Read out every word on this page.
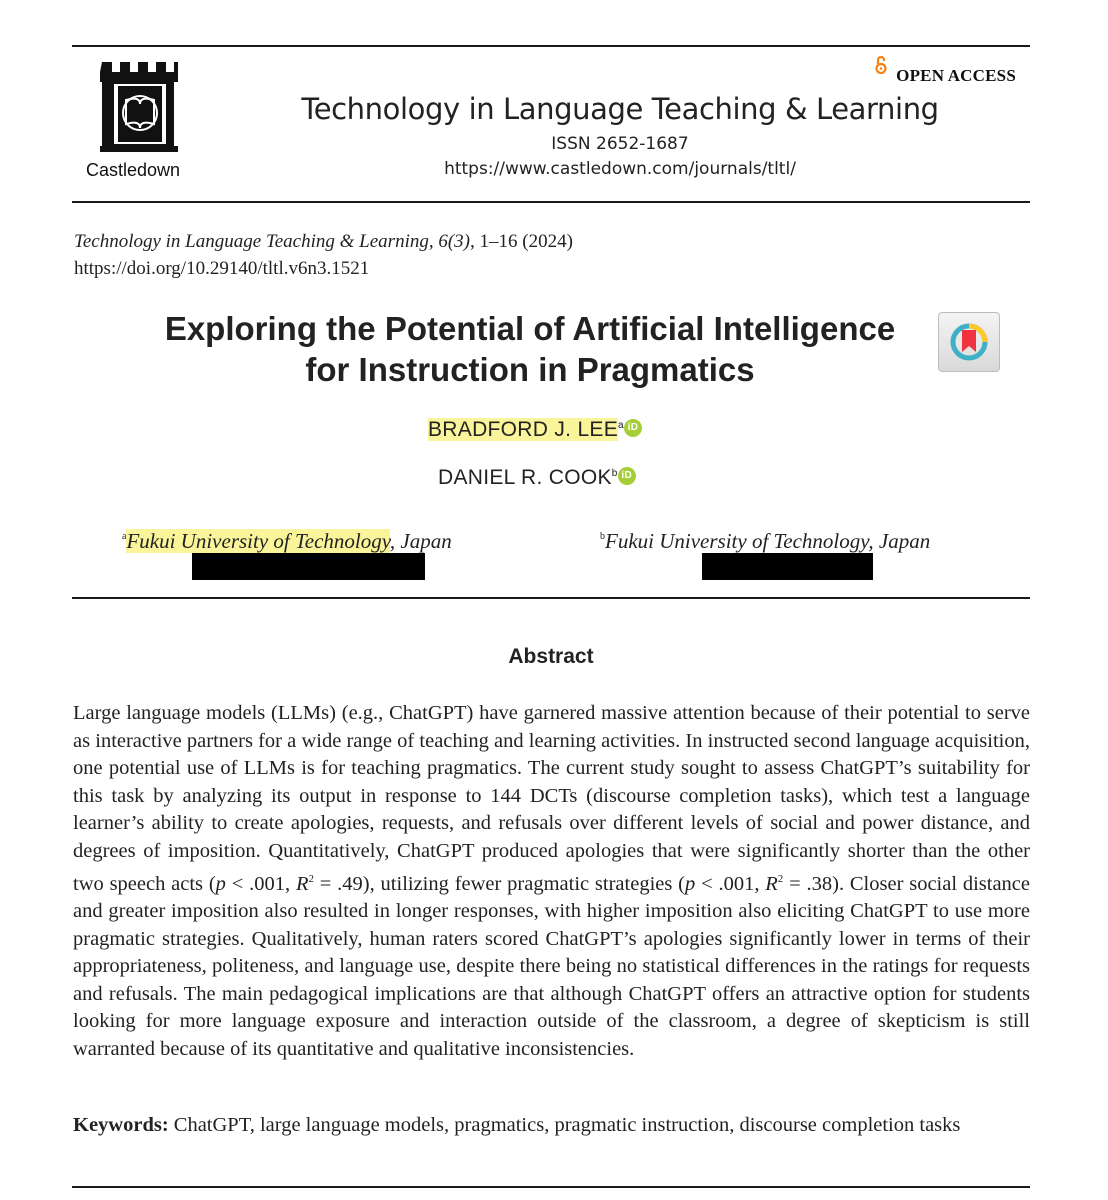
Castledown
OPEN ACCESS
Technology in Language Teaching & Learning
ISSN 2652-1687
https://www.castledown.com/journals/tltl/
Technology in Language Teaching & Learning, 6(3), 1–16 (2024)
https://doi.org/10.29140/tltl.v6n3.1521
Exploring the Potential of Artificial Intelligence
for Instruction in Pragmatics
BRADFORD J. LEE$^a$ iD
DANIEL R. COOK$^b$ iD
$^a$Fukui University of Technology, Japan	$^b$Fukui University of Technology, Japan
Abstract

Large language models (LLMs) (e.g., ChatGPT) have garnered massive attention because of their potential to serve as interactive partners for a wide range of teaching and learning activities. In instructed second language acquisition, one potential use of LLMs is for teaching pragmatics. The current study sought to assess ChatGPT’s suitability for this task by analyzing its output in response to 144 DCTs (discourse completion tasks), which test a language learner’s ability to create apologies, requests, and refusals over different levels of social and power distance, and degrees of imposition. Quantitatively, ChatGPT produced apologies that were significantly shorter than the other two speech acts (p < .001, $R^2 = .49$), utilizing fewer pragmatic strategies (p < .001, $R^2 = .38$). Closer social distance and greater imposition also resulted in longer responses, with higher imposition also eliciting ChatGPT to use more pragmatic strategies. Qualitatively, human raters scored ChatGPT’s apologies significantly lower in terms of their appropriateness, politeness, and language use, despite there being no statistical differences in the ratings for requests and refusals. The main pedagogical implications are that although ChatGPT offers an attractive option for students looking for more language exposure and interaction outside of the classroom, a degree of skepticism is still warranted because of its quantitative and qualitative inconsistencies.

Keywords: ChatGPT, large language models, pragmatics, pragmatic instruction, discourse completion tasks
